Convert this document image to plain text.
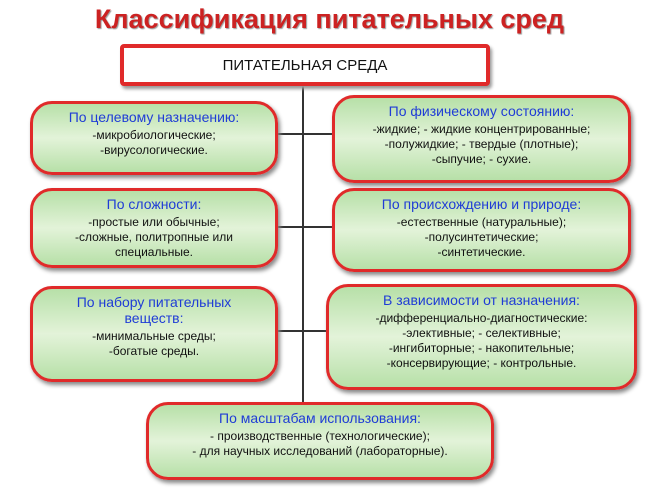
Классификация питательных сред
ПИТАТЕЛЬНАЯ СРЕДА
По целевому назначению:
-микробиологические;
-вирусологические.
По физическому состоянию:
-жидкие; - жидкие концентрированные;
-полужидкие; - твердые (плотные);
-сыпучие; - сухие.
По сложности:
-простые или обычные;
-сложные, политропные или
специальные.
По происхождению и природе:
-естественные (натуральные);
-полусинтетические;
-синтетические.
По набору питательных веществ:
-минимальные среды;
-богатые среды.
В зависимости от назначения:
-дифференциально-диагностические:
-элективные; - селективные;
-ингибиторные; - накопительные;
-консервирующие; - контрольные.
По масштабам использования:
- производственные (технологические);
- для научных исследований (лабораторные).
